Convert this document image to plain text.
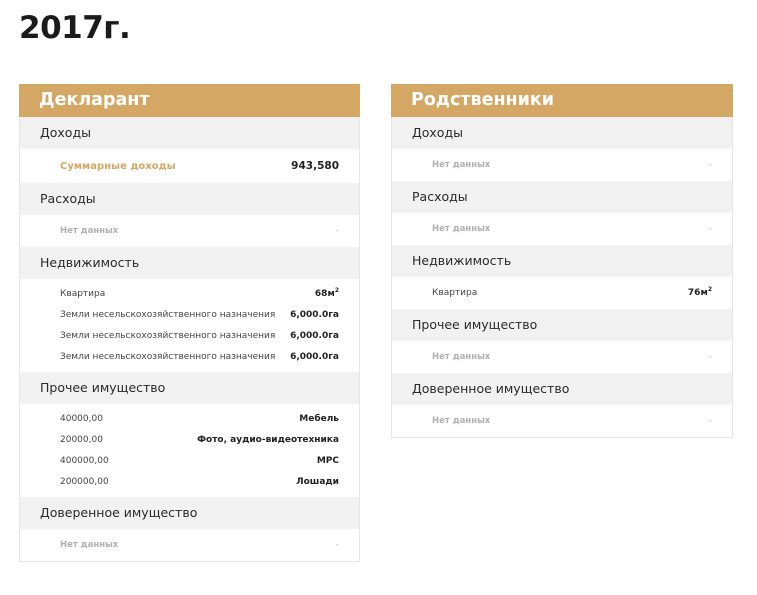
2017г.
Декларант
Доходы
Суммарные доходы	943,580
Расходы
Нет данных	-
Недвижимость
Квартира	$68м^2$
Земли несельскохозяйственного назначения 6,000.0га
Земли несельскохозяйственного назначения 6,000.0га
Земли несельскохозяйственного назначения 6,000.0га
Прочее имущество
40000,00	Мебель
20000,00	Фото, аудио-видеотехника
400000,00	МРС
200000,00	Лошади
Доверенное имущество
Нет данных	-
Родственники
Доходы
Нет данных	-
Расходы
Нет данных	-
Недвижимость
Квартира	$76м^2$
Прочее имущество
Нет данных	-
Доверенное имущество
Нет данных	-
